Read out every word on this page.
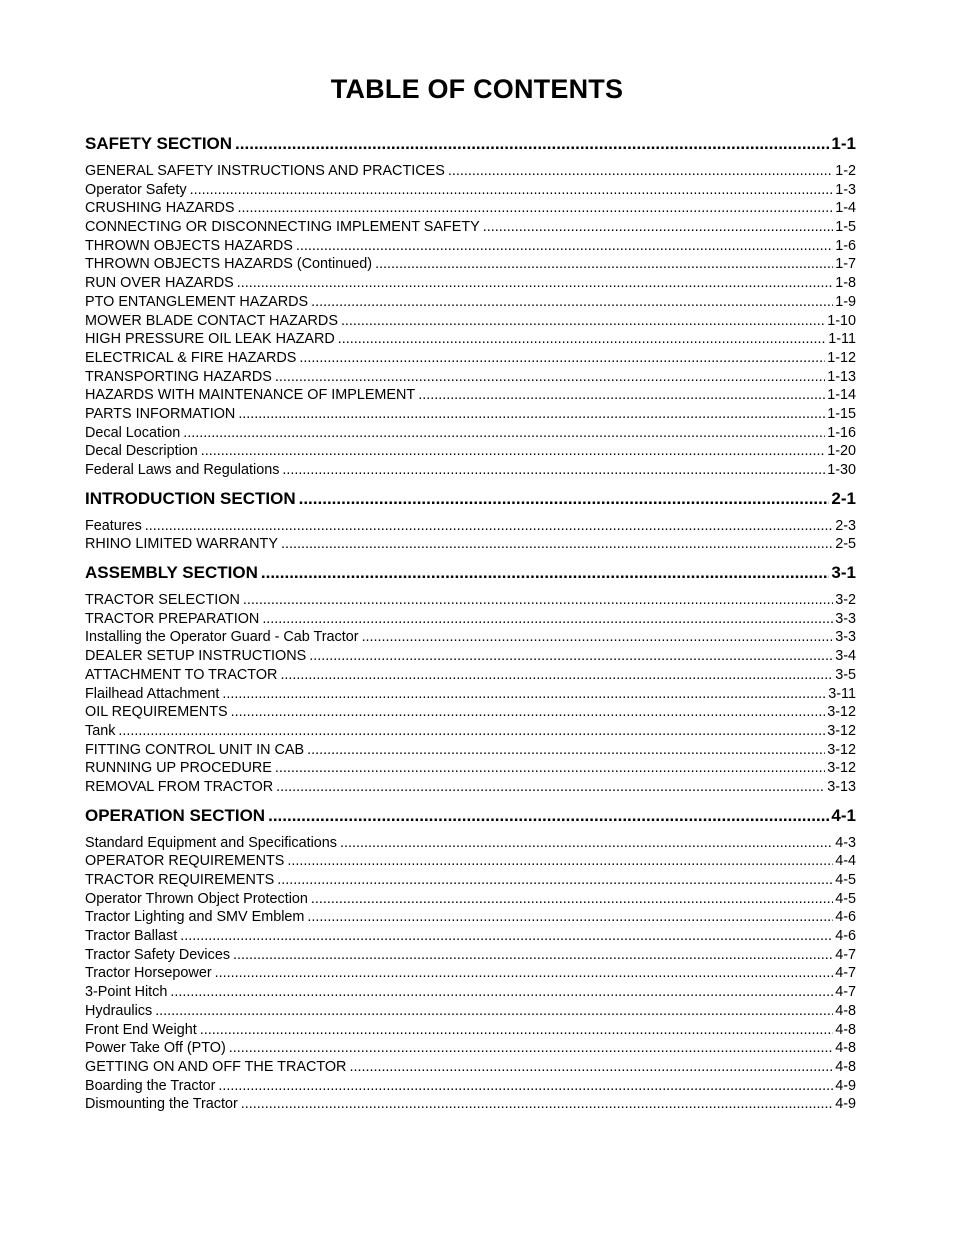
TABLE OF CONTENTS
SAFETY SECTION .....	1-1
GENERAL SAFETY INSTRUCTIONS AND PRACTICES .....	1-2
Operator Safety .....	1-3
CRUSHING HAZARDS .....	1-4
CONNECTING OR DISCONNECTING IMPLEMENT SAFETY .....	1-5
THROWN OBJECTS HAZARDS .....	1-6
THROWN OBJECTS HAZARDS (Continued) .....	1-7
RUN OVER HAZARDS .....	1-8
PTO ENTANGLEMENT HAZARDS .....	1-9
MOWER BLADE CONTACT HAZARDS .....	1-10
HIGH PRESSURE OIL LEAK HAZARD .....	1-11
ELECTRICAL & FIRE HAZARDS .....	1-12
TRANSPORTING HAZARDS .....	1-13
HAZARDS WITH MAINTENANCE OF IMPLEMENT .....	1-14
PARTS INFORMATION .....	1-15
Decal Location .....	1-16
Decal Description .....	1-20
Federal Laws and Regulations .....	1-30
INTRODUCTION SECTION .....	2-1
Features .....	2-3
RHINO LIMITED WARRANTY .....	2-5
ASSEMBLY SECTION .....	3-1
TRACTOR SELECTION .....	3-2
TRACTOR PREPARATION .....	3-3
Installing the Operator Guard - Cab Tractor .....	3-3
DEALER SETUP INSTRUCTIONS .....	3-4
ATTACHMENT TO TRACTOR .....	3-5
Flailhead Attachment .....	3-11
OIL REQUIREMENTS .....	3-12
Tank .....	3-12
FITTING CONTROL UNIT IN CAB .....	3-12
RUNNING UP PROCEDURE .....	3-12
REMOVAL FROM TRACTOR .....	3-13
OPERATION SECTION .....	4-1
Standard Equipment and Specifications .....	4-3
OPERATOR REQUIREMENTS .....	4-4
TRACTOR REQUIREMENTS .....	4-5
Operator Thrown Object Protection .....	4-5
Tractor Lighting and SMV Emblem .....	4-6
Tractor Ballast .....	4-6
Tractor Safety Devices .....	4-7
Tractor Horsepower .....	4-7
3-Point Hitch .....	4-7
Hydraulics .....	4-8
Front End Weight .....	4-8
Power Take Off (PTO) .....	4-8
GETTING ON AND OFF THE TRACTOR .....	4-8
Boarding the Tractor .....	4-9
Dismounting the Tractor .....	4-9
